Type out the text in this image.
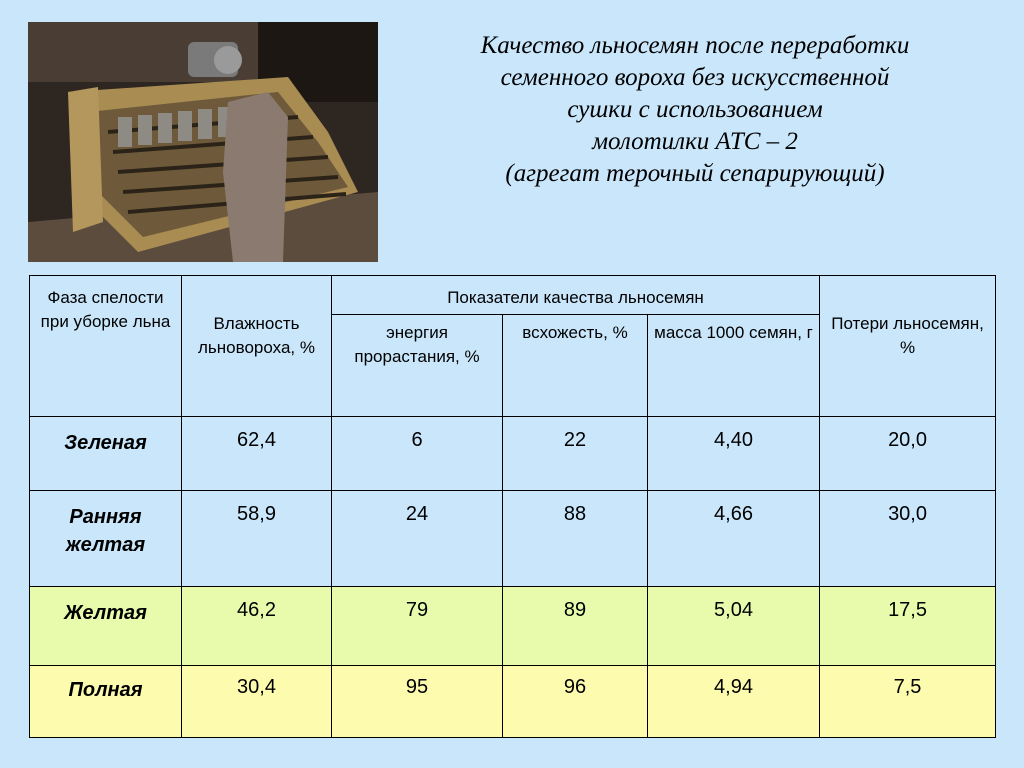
Качество льносемян после переработки
семенного вороха без искусственной
сушки с использованием
молотилки АТС – 2
(агрегат терочный сепарирующий)
Фаза спелости при уборке льна	Влажность льновороха, %	Показатели качества льносемян			Потери льносемян, %
		энергия прорастания, %	всхожесть, %	масса 1000 семян, г	
Зеленая	62,4	6	22	4,40	20,0
Ранняя желтая	58,9	24	88	4,66	30,0
Желтая	46,2	79	89	5,04	17,5
Полная	30,4	95	96	4,94	7,5
